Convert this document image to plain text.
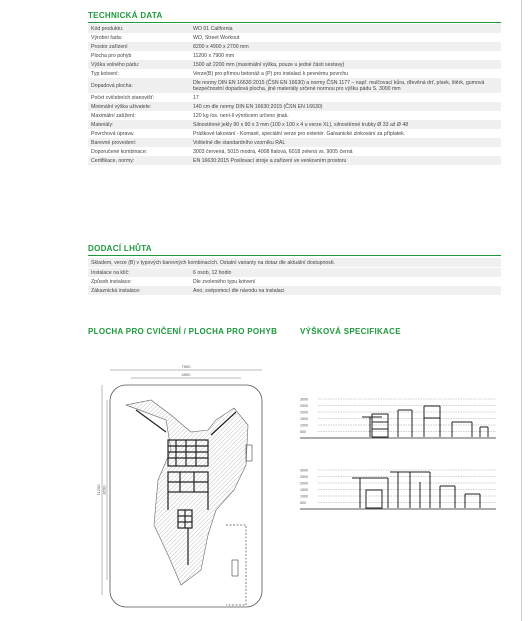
TECHNICKÁ DATA
Kód produktu:	WO 01 California
Výrobní řada:	WO, Street Workout
Prostor zařízení	8200 x 4900 x 2700 mm
Plocha pro pohyb	11200 x 7900 mm
Výška volného pádu:	1500 až 2200 mm (maximální výška, pouze u jedné části sestavy)
Typ kotvení:	Verze(B) pro přímou betonáž a (P) pro instalaci k pevnému povrchu
Dopadová plocha:	Dle normy DIN EN 16630:2015 (ČSN EN 16630) a normy ČSN 1177 – např. mulčovací kůra, dřevěná drť, písek, štěrk, gumová bezpečnostní dopadová plocha, jiné materiály určené normou pro výšku pádu S. 3000 mm
Počet cvičebních stanovišť:	17
Minimální výška uživatele:	140 cm dle normy DIN EN 16630:2015 (ČSN EN 16630)
Maximální zatížení:	120 kg /os. není-li výrobcem určeno jinak.
Materiály:	Silnostěnné jekly 90 x 90 x 3 mm (100 x 100 x 4 u verze XL), silnostěnné trubky Ø 33 až Ø 48
Povrchová úprava:	Práškové lakování - Komaxit, speciální verze pro exteriér. Galvanické zinkování za příplatek.
Barevné provedení:	Volitelné dle standardního vzorníku RAL
Doporučené kombinace:	3003 červená, 5015 modrá, 4008 fialová, 6018 zelená vs. 9005 černá
Certifikace, normy:	EN 16630:2015 Posilovací stroje a zařízení ve venkovním prostoru
DODACÍ LHŮTA
Skladem, verze (B) v typových barevných kombinacích. Ostatní varianty na dotaz dle aktuální dostupnosti.
Instalace na klíč:	6 osob, 12 hodin
Způsob instalace:	Dle zvoleného typu kotvení
Zákaznická instalace:	Ano, svépomocí dle návodu na instalaci
PLOCHA PRO CVIČENÍ / PLOCHA PRO POHYB	VÝŠKOVÁ SPECIFIKACE
7900
4900
11200 8200
3000
2500
2000
1500
1000
500
3000
2500
2000
1500
1000
500
